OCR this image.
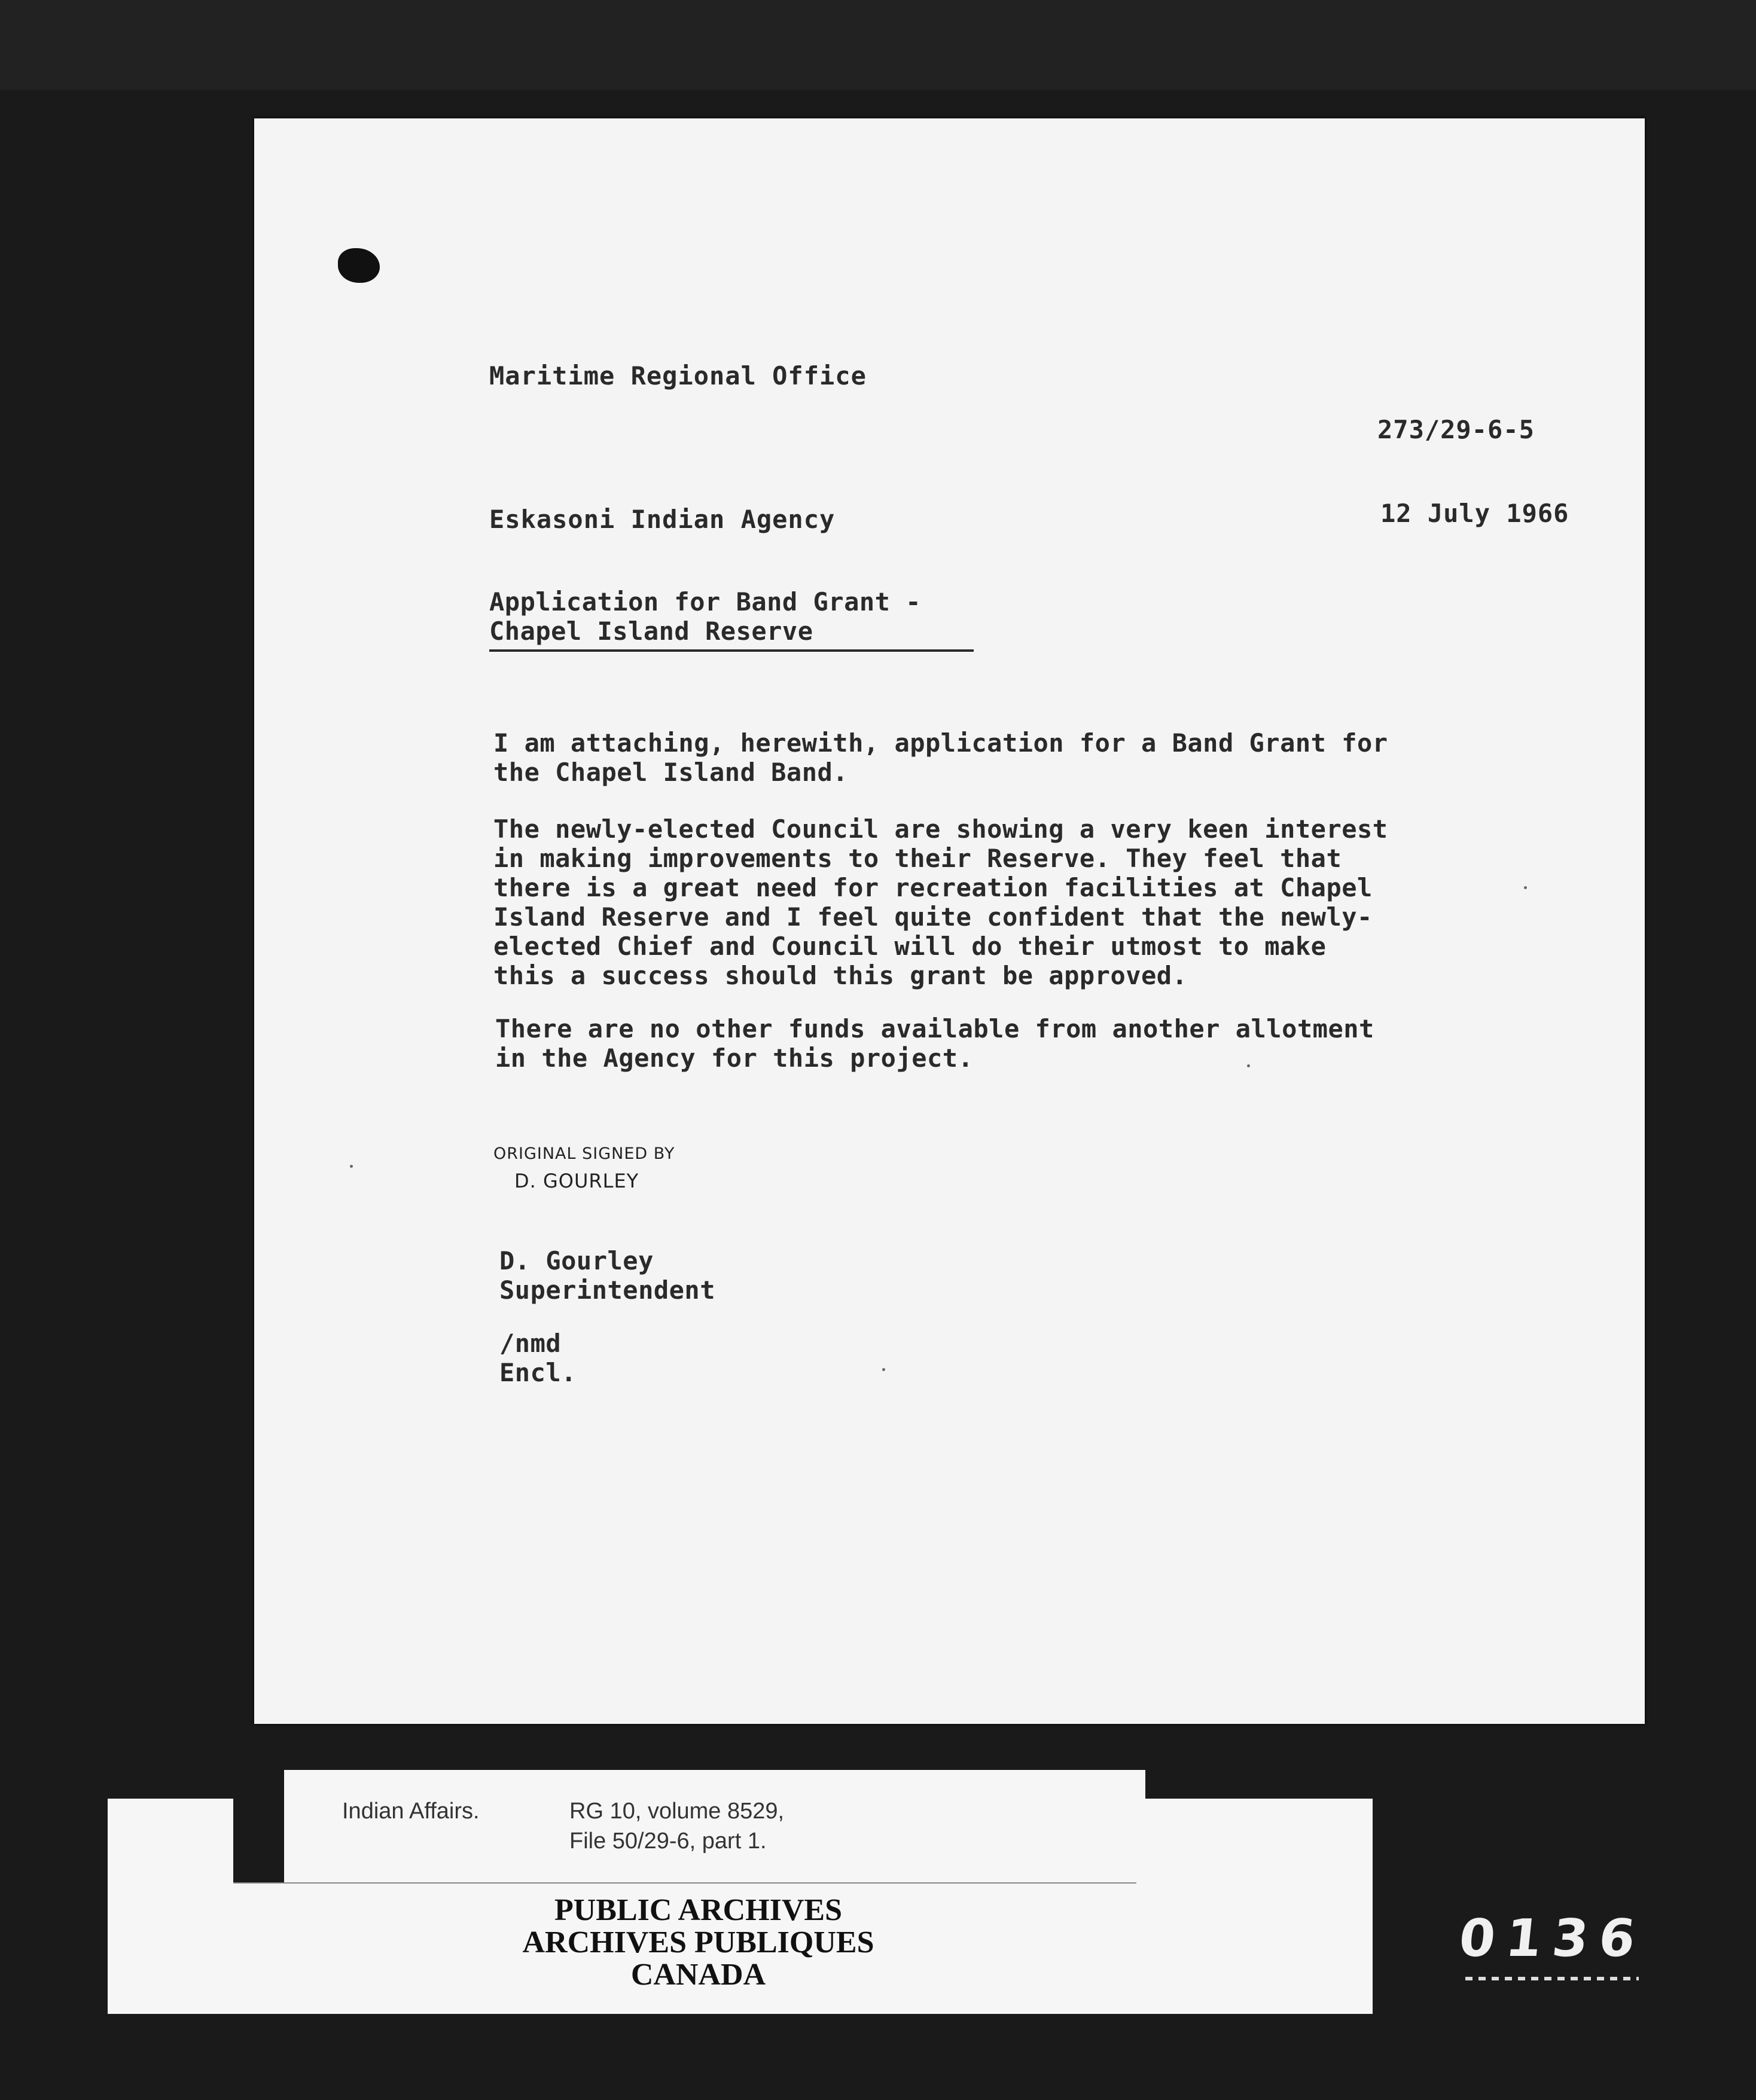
Maritime Regional Office
273/29-6-5
Eskasoni Indian Agency	12 July 1966
Application for Band Grant -
Chapel Island Reserve
I am attaching, herewith, application for a Band Grant for
the Chapel Island Band.
The newly-elected Council are showing a very keen interest
in making improvements to their Reserve. They feel that
there is a great need for recreation facilities at Chapel
Island Reserve and I feel quite confident that the newly-
elected Chief and Council will do their utmost to make
this a success should this grant be approved.
There are no other funds available from another allotment
in the Agency for this project.
ORIGINAL SIGNED BY
D. GOURLEY
D. Gourley
Superintendent
/nmd
Encl.
Indian Affairs.	RG 10, volume 8529,
File 50/29-6, part 1.
PUBLIC ARCHIVES
ARCHIVES PUBLIQUES
CANADA
0136
